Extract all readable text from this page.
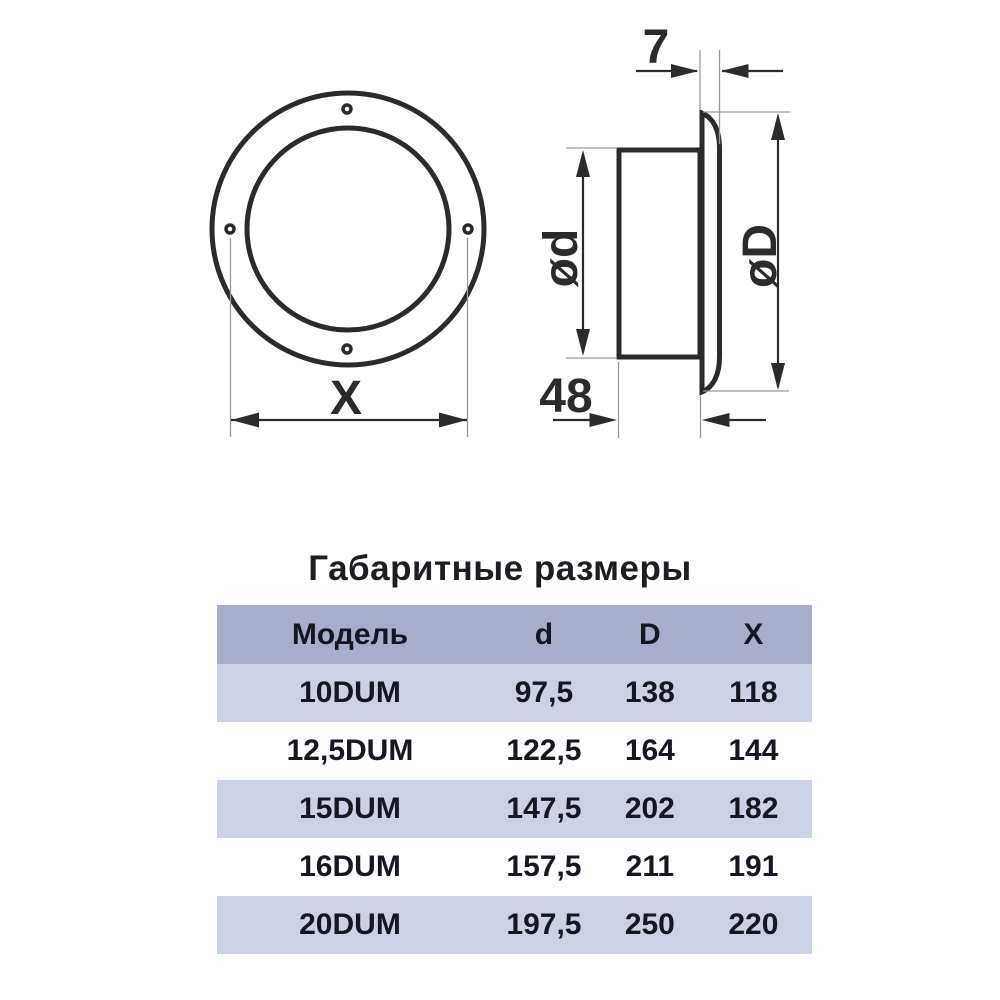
X
7
ød	øD
48
Габаритные размеры
Модель	d	D	X
10DUM	97,5	138	118
12,5DUM	122,5	164	144
15DUM	147,5	202	182
16DUM	157,5	211	191
20DUM	197,5	250	220
